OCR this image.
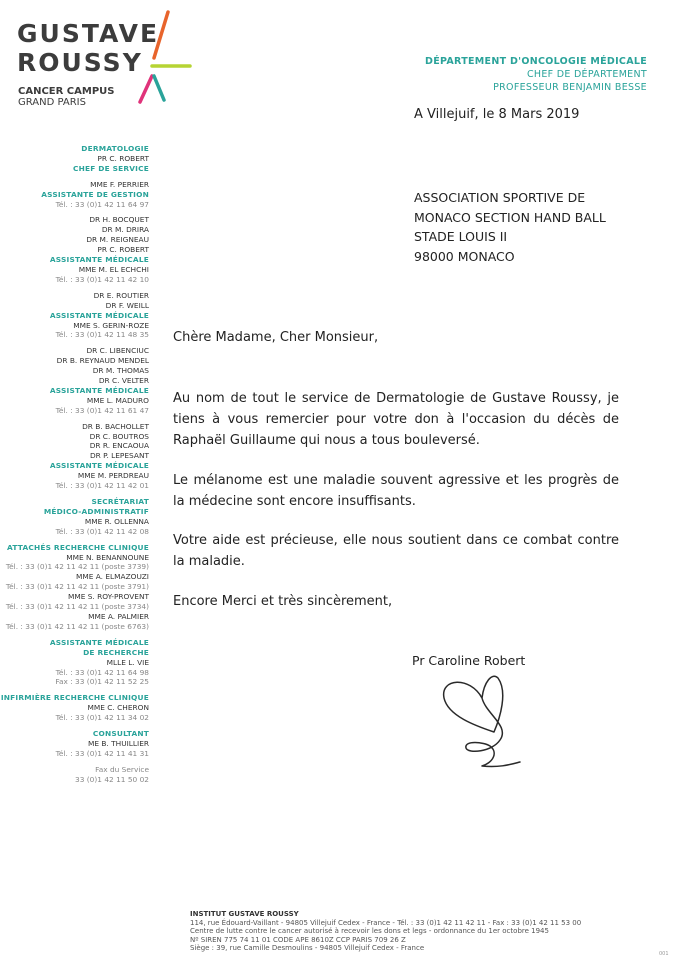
GUSTAVE
ROUSSY
CANCER CAMPUS
GRAND PARIS
DÉPARTEMENT D'ONCOLOGIE MÉDICALE
CHEF DE DÉPARTEMENT
PROFESSEUR BENJAMIN BESSE
A Villejuif, le 8 Mars 2019
ASSOCIATION SPORTIVE DE
MONACO SECTION HAND BALL
STADE LOUIS II
98000 MONACO
DERMATOLOGIE
PR C. ROBERT
CHEF DE SERVICE
MME F. PERRIER
ASSISTANTE DE GESTION
Tél. : 33 (0)1 42 11 64 97
DR H. BOCQUET
DR M. DRIRA
DR M. REIGNEAU
PR C. ROBERT
ASSISTANTE MÉDICALE
MME M. EL ECHCHI
Tél. : 33 (0)1 42 11 42 10
DR E. ROUTIER
DR F. WEILL
ASSISTANTE MÉDICALE
MME S. GERIN-ROZE
Tél. : 33 (0)1 42 11 48 35
DR C. LIBENCIUC
DR B. REYNAUD MENDEL
DR M. THOMAS
DR C. VELTER
ASSISTANTE MÉDICALE
MME L. MADURO
Tél. : 33 (0)1 42 11 61 47
DR B. BACHOLLET
DR C. BOUTROS
DR R. ENCAOUA
DR P. LEPESANT
ASSISTANTE MÉDICALE
MME M. PERDREAU
Tél. : 33 (0)1 42 11 42 01
SECRÉTARIAT
MÉDICO-ADMINISTRATIF
MME R. OLLENNA
Tél. : 33 (0)1 42 11 42 08
ATTACHÉS RECHERCHE CLINIQUE
MME N. BENANNOUNE
Tél. : 33 (0)1 42 11 42 11 (poste 3739)
MME A. ELMAZOUZI
Tél. : 33 (0)1 42 11 42 11 (poste 3791)
MME S. ROY-PROVENT
Tél. : 33 (0)1 42 11 42 11 (poste 3734)
MME A. PALMIER
Tél. : 33 (0)1 42 11 42 11 (poste 6763)
ASSISTANTE MÉDICALE
DE RECHERCHE
MLLE L. VIE
Tél. : 33 (0)1 42 11 64 98
Fax : 33 (0)1 42 11 52 25
INFIRMIÈRE RECHERCHE CLINIQUE
MME C. CHERON
Tél. : 33 (0)1 42 11 34 02
CONSULTANT
ME B. THUILLIER
Tél. : 33 (0)1 42 11 41 31
Fax du Service
33 (0)1 42 11 50 02
Chère Madame, Cher Monsieur,
Au nom de tout le service de Dermatologie de Gustave Roussy, je tiens à vous remercier pour votre don à l'occasion du décès de Raphaël Guillaume qui nous a tous bouleversé.
Le mélanome est une maladie souvent agressive et les progrès de la médecine sont encore insuffisants.
Votre aide est précieuse, elle nous soutient dans ce combat contre la maladie.
Encore Merci et très sincèrement,
Pr Caroline Robert
INSTITUT GUSTAVE ROUSSY
114, rue Édouard-Vaillant - 94805 Villejuif Cedex - France - Tél. : 33 (0)1 42 11 42 11 - Fax : 33 (0)1 42 11 53 00
Centre de lutte contre le cancer autorisé à recevoir les dons et legs - ordonnance du 1er octobre 1945
Nº SIREN 775 74 11 01 CODE APE 8610Z CCP PARIS 709 26 Z
Siège : 39, rue Camille Desmoulins - 94805 Villejuif Cedex - France
001
